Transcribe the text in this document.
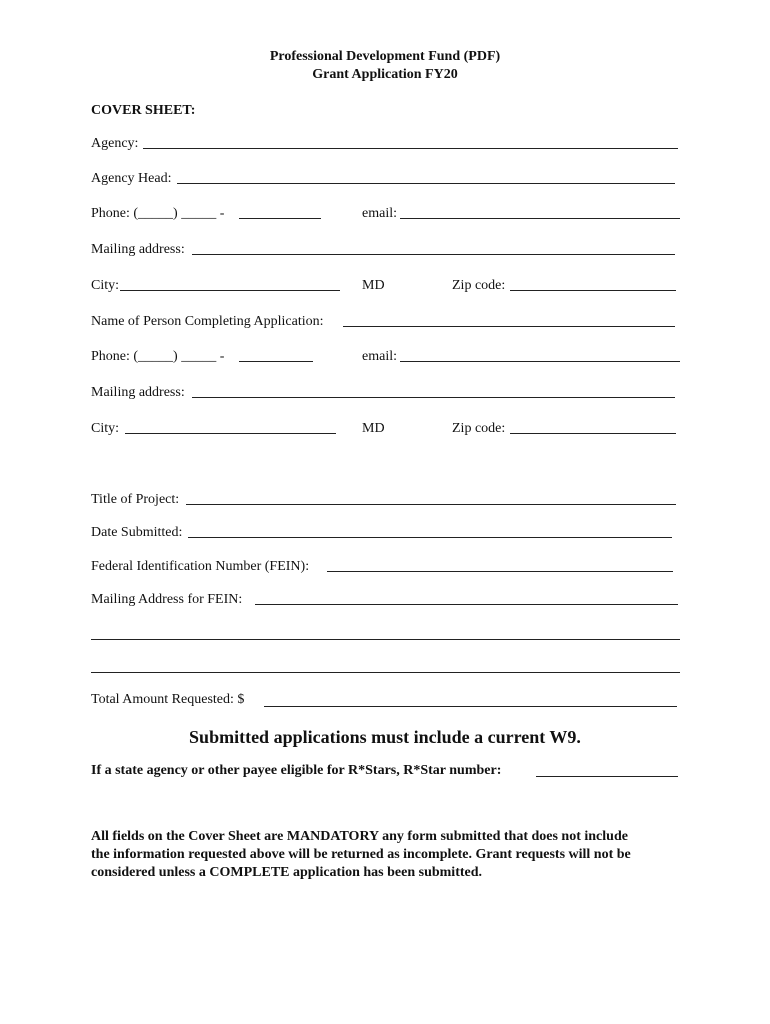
Professional Development Fund (PDF)
Grant Application FY20
COVER SHEET:
Agency:
Agency Head:
Phone: (_____) _____ -	email:
Mailing address:
City:	MD	Zip code:
Name of Person Completing Application:
Phone: (_____) _____ -	email:
Mailing address:
City:	MD	Zip code:
Title of Project:
Date Submitted:
Federal Identification Number (FEIN):
Mailing Address for FEIN:
Total Amount Requested: $
Submitted applications must include a current W9.
If a state agency or other payee eligible for R*Stars, R*Star number:
All fields on the Cover Sheet are MANDATORY any form submitted that does not include
the information requested above will be returned as incomplete. Grant requests will not be
considered unless a COMPLETE application has been submitted.
